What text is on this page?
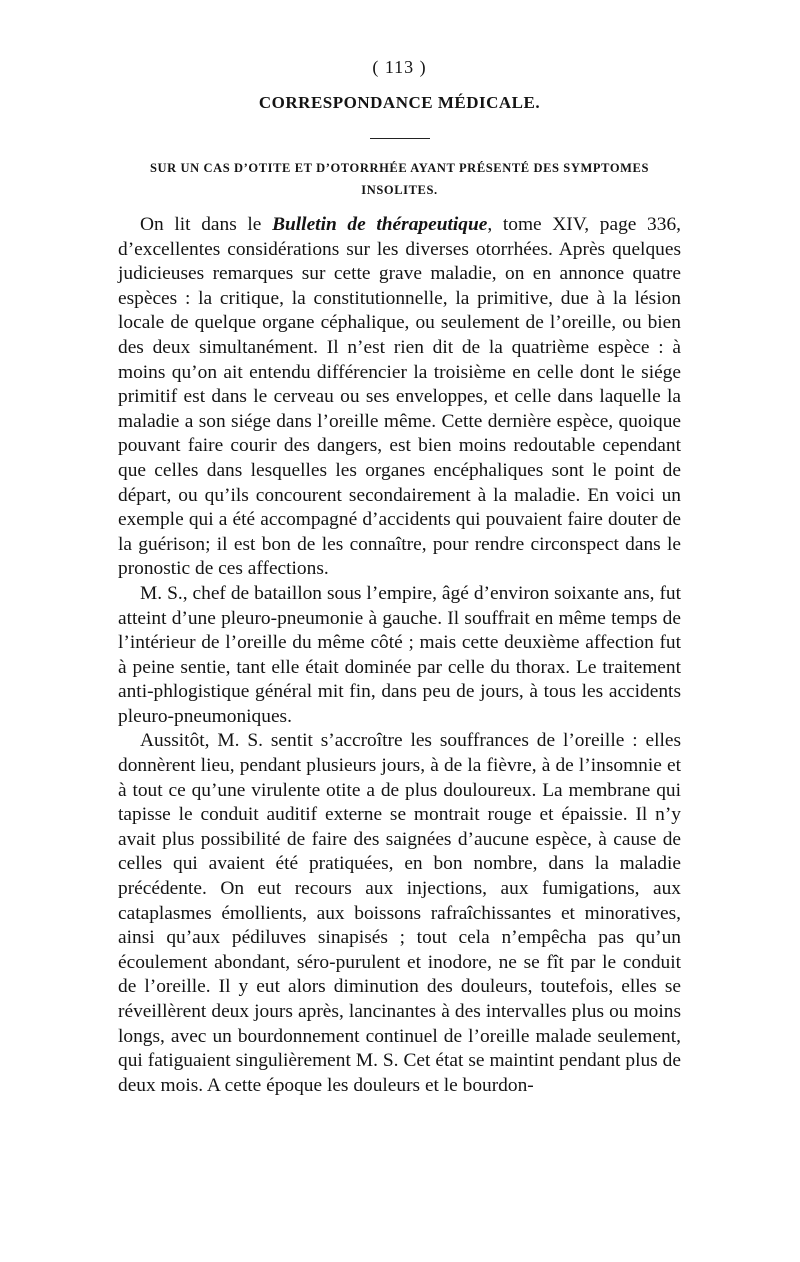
( 113 )
CORRESPONDANCE MÉDICALE.
SUR UN CAS D’OTITE ET D’OTORRHÉE AYANT PRÉSENTÉ DES SYMPTOMES INSOLITES.

On lit dans le Bulletin de thérapeutique, tome XIV, page 336, d’excellentes considérations sur les diverses otorrhées. Après quelques judicieuses remarques sur cette grave maladie, on en annonce quatre espèces : la critique, la constitutionnelle, la primitive, due à la lésion locale de quelque organe céphalique, ou seulement de l’oreille, ou bien des deux simultanément. Il n’est rien dit de la quatrième espèce : à moins qu’on ait entendu différencier la troisième en celle dont le siége primitif est dans le cerveau ou ses enveloppes, et celle dans laquelle la maladie a son siége dans l’oreille même. Cette dernière espèce, quoique pouvant faire courir des dangers, est bien moins redoutable cependant que celles dans lesquelles les organes encéphaliques sont le point de départ, ou qu’ils concourent secondairement à la maladie. En voici un exemple qui a été accompagné d’accidents qui pouvaient faire douter de la guérison; il est bon de les connaître, pour rendre circonspect dans le pronostic de ces affections.

M. S., chef de bataillon sous l’empire, âgé d’environ soixante ans, fut atteint d’une pleuro-pneumonie à gauche. Il souffrait en même temps de l’intérieur de l’oreille du même côté ; mais cette deuxième affection fut à peine sentie, tant elle était dominée par celle du thorax. Le traitement anti-phlogistique général mit fin, dans peu de jours, à tous les accidents pleuro-pneumoniques.

Aussitôt, M. S. sentit s’accroître les souffrances de l’oreille : elles donnèrent lieu, pendant plusieurs jours, à de la fièvre, à de l’insomnie et à tout ce qu’une virulente otite a de plus douloureux. La membrane qui tapisse le conduit auditif externe se montrait rouge et épaissie. Il n’y avait plus possibilité de faire des saignées d’aucune espèce, à cause de celles qui avaient été pratiquées, en bon nombre, dans la maladie précédente. On eut recours aux injections, aux fumigations, aux cataplasmes émollients, aux boissons rafraîchissantes et minoratives, ainsi qu’aux pédiluves sinapisés ; tout cela n’empêcha pas qu’un écoulement abondant, séro-purulent et inodore, ne se fît par le conduit de l’oreille. Il y eut alors diminution des douleurs, toutefois, elles se réveillèrent deux jours après, lancinantes à des intervalles plus ou moins longs, avec un bourdonnement continuel de l’oreille malade seulement, qui fatiguaient singulièrement M. S. Cet état se maintint pendant plus de deux mois. A cette époque les douleurs et le bourdon-
